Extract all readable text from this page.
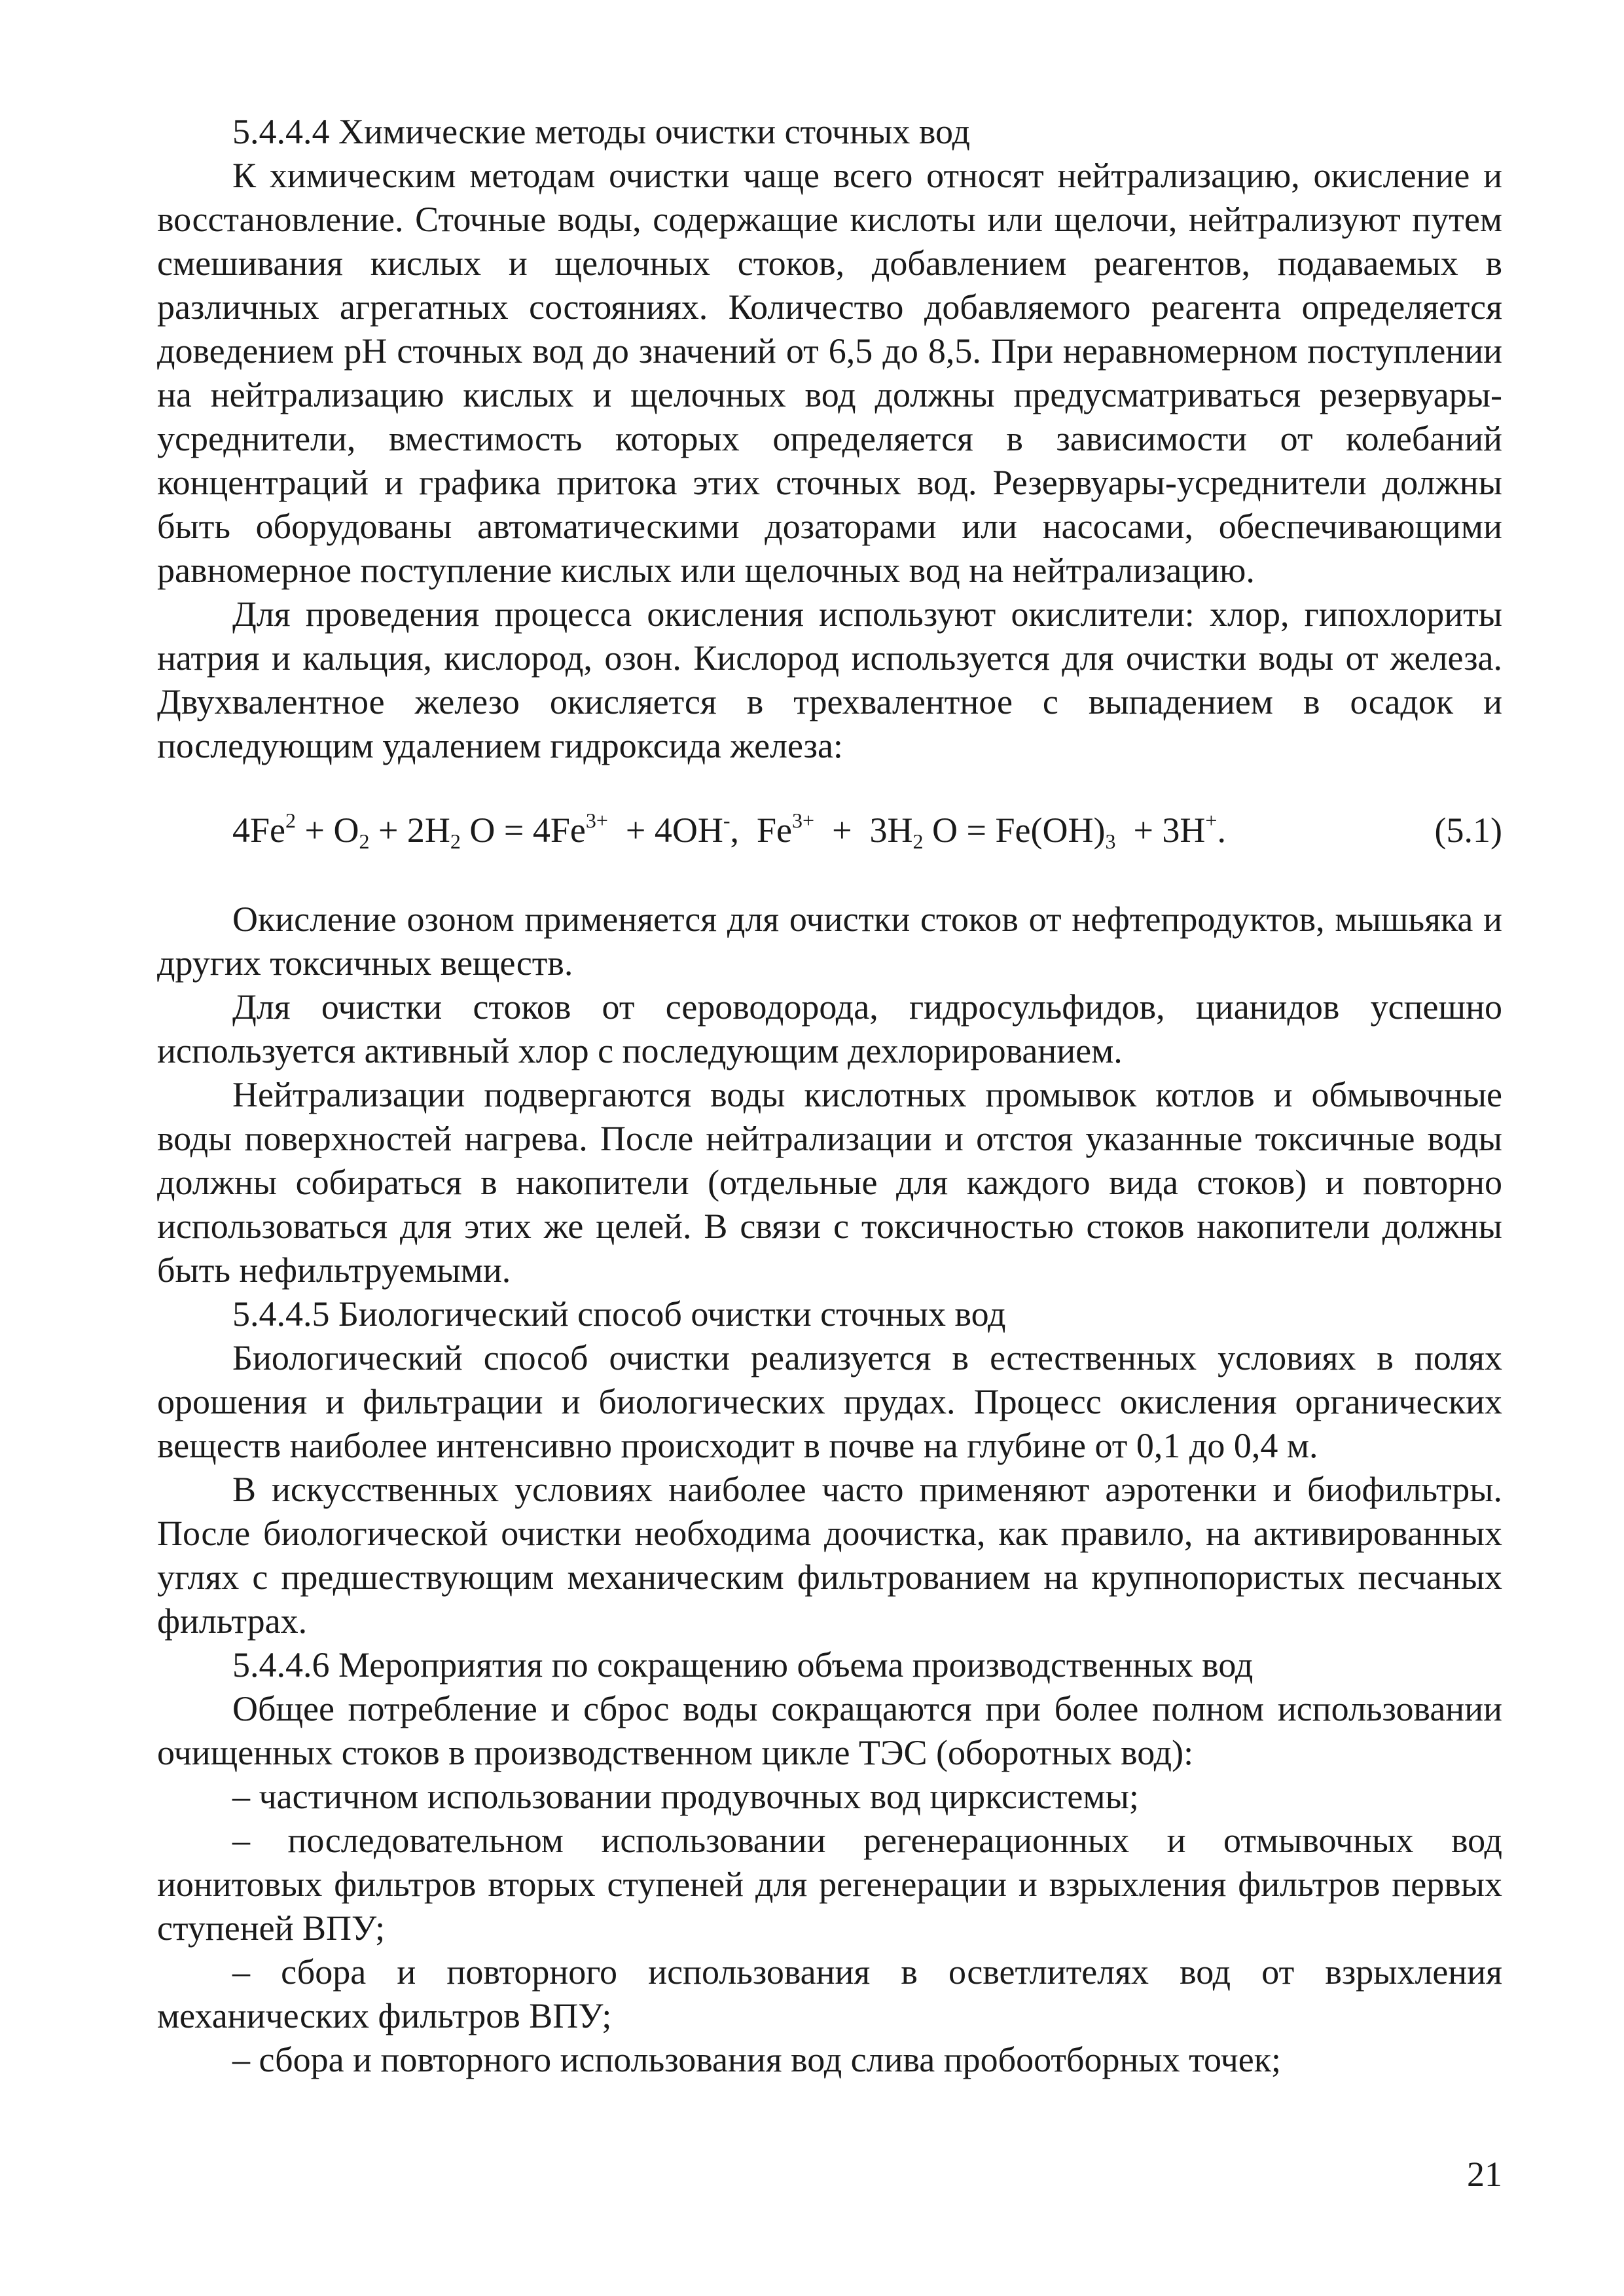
5.4.4.4 Химические методы очистки сточных вод

К химическим методам очистки чаще всего относят нейтрализацию, окисление и восстановление. Сточные воды, содержащие кислоты или щелочи, нейтрализуют путем смешивания кислых и щелочных стоков, добавлением реагентов, подаваемых в различных агрегатных состояниях. Количество добавляемого реагента определяется доведением pH сточных вод до значений от 6,5 до 8,5. При неравномерном поступлении на нейтрализацию кислых и щелочных вод должны предусматриваться резервуары-усреднители, вместимость которых определяется в зависимости от колебаний концентраций и графика притока этих сточных вод. Резервуары-усреднители должны быть оборудованы автоматическими дозаторами или насосами, обеспечивающими равномерное поступление кислых или щелочных вод на нейтрализацию.

Для проведения процесса окисления используют окислители: хлор, гипохлориты натрия и кальция, кислород, озон. Кислород используется для очистки воды от железа. Двухвалентное железо окисляется в трехвалентное с выпадением в осадок и последующим удалением гидроксида железа:

$4Fe^2 + O_2 + 2H_2$ $O = 4Fe^{3+} + 4OH^-$,  $Fe^{3+} + 3H_2$ $O = Fe(OH)_3 + 3H^+$.	(5.1)

Окисление озоном применяется для очистки стоков от нефтепродуктов, мышьяка и других токсичных веществ.

Для очистки стоков от сероводорода, гидросульфидов, цианидов успешно используется активный хлор с последующим дехлорированием.

Нейтрализации подвергаются воды кислотных промывок котлов и обмывочные воды поверхностей нагрева. После нейтрализации и отстоя указанные токсичные воды должны собираться в накопители (отдельные для каждого вида стоков) и повторно использоваться для этих же целей. В связи с токсичностью стоков накопители должны быть нефильтруемыми.

5.4.4.5 Биологический способ очистки сточных вод

Биологический способ очистки реализуется в естественных условиях в полях орошения и фильтрации и биологических прудах. Процесс окисления органических веществ наиболее интенсивно происходит в почве на глубине от 0,1 до 0,4 м.

В искусственных условиях наиболее часто применяют аэротенки и биофильтры. После биологической очистки необходима доочистка, как правило, на активированных углях с предшествующим механическим фильтрованием на крупнопористых песчаных фильтрах.

5.4.4.6 Мероприятия по сокращению объема производственных вод

Общее потребление и сброс воды сокращаются при более полном использовании очищенных стоков в производственном цикле ТЭС (оборотных вод):

– частичном использовании продувочных вод цирксистемы;

– последовательном использовании регенерационных и отмывочных вод ионитовых фильтров вторых ступеней для регенерации и взрыхления фильтров первых ступеней ВПУ;

– сбора и повторного использования в осветлителях вод от взрыхления механических фильтров ВПУ;

– сбора и повторного использования вод слива пробоотборных точек;

21
